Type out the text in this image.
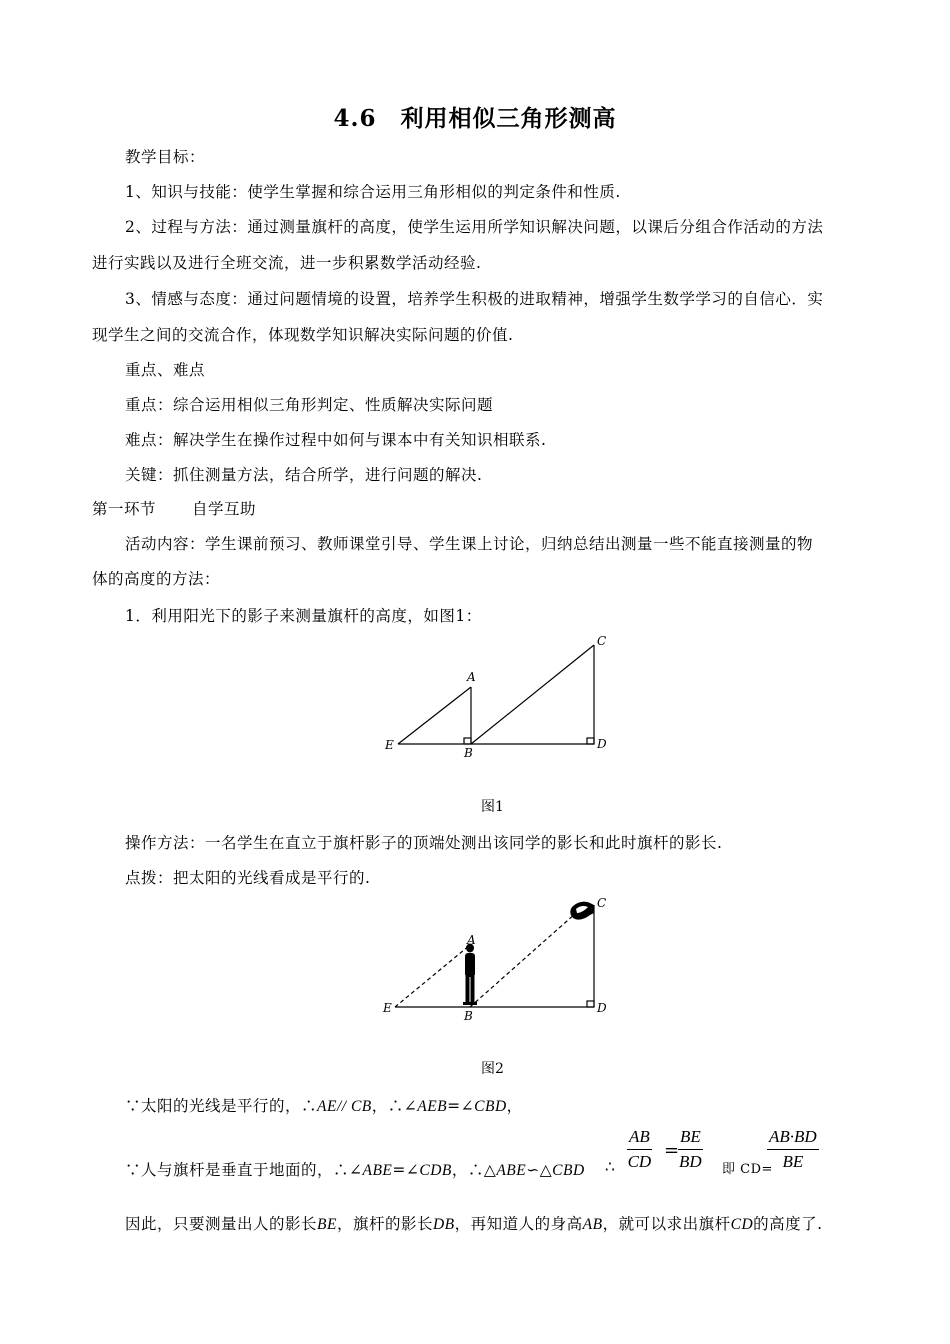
4.6　利用相似三角形测高
教学目标：
1、知识与技能：使学生掌握和综合运用三角形相似的判定条件和性质.
2、过程与方法：通过测量旗杆的高度，使学生运用所学知识解决问题，以课后分组合作活动的方法
进行实践以及进行全班交流，进一步积累数学活动经验.
3、情感与态度：通过问题情境的设置，培养学生积极的进取精神，增强学生数学学习的自信心．实
现学生之间的交流合作，体现数学知识解决实际问题的价值.
重点、难点
重点：综合运用相似三角形判定、性质解决实际问题
难点：解决学生在操作过程中如何与课本中有关知识相联系.
关键：抓住测量方法，结合所学，进行问题的解决.
第一环节 自学互助
活动内容：学生课前预习、教师课堂引导、学生课上讨论，归纳总结出测量一些不能直接测量的物
体的高度的方法：
1．利用阳光下的影子来测量旗杆的高度，如图1：
A
B
C
D
E
图1
操作方法：一名学生在直立于旗杆影子的顶端处测出该同学的影长和此时旗杆的影长.
点拨：把太阳的光线看成是平行的.
A
B
C
D
E
图2
∵太阳的光线是平行的，∴AE// CB，∴∠AEB=∠CBD，
∵人与旗杆是垂直于地面的，∴∠ABE=∠CDB，∴△ABE∽△CBD ∴ $\frac{AB}{CD}$ =
$\frac{BE}{BD}$ 即 CD=
$\frac{AB\cdot BD}{BE}$
因此，只要测量出人的影长BE，旗杆的影长DB，再知道人的身高AB，就可以求出旗杆CD的高度了.
